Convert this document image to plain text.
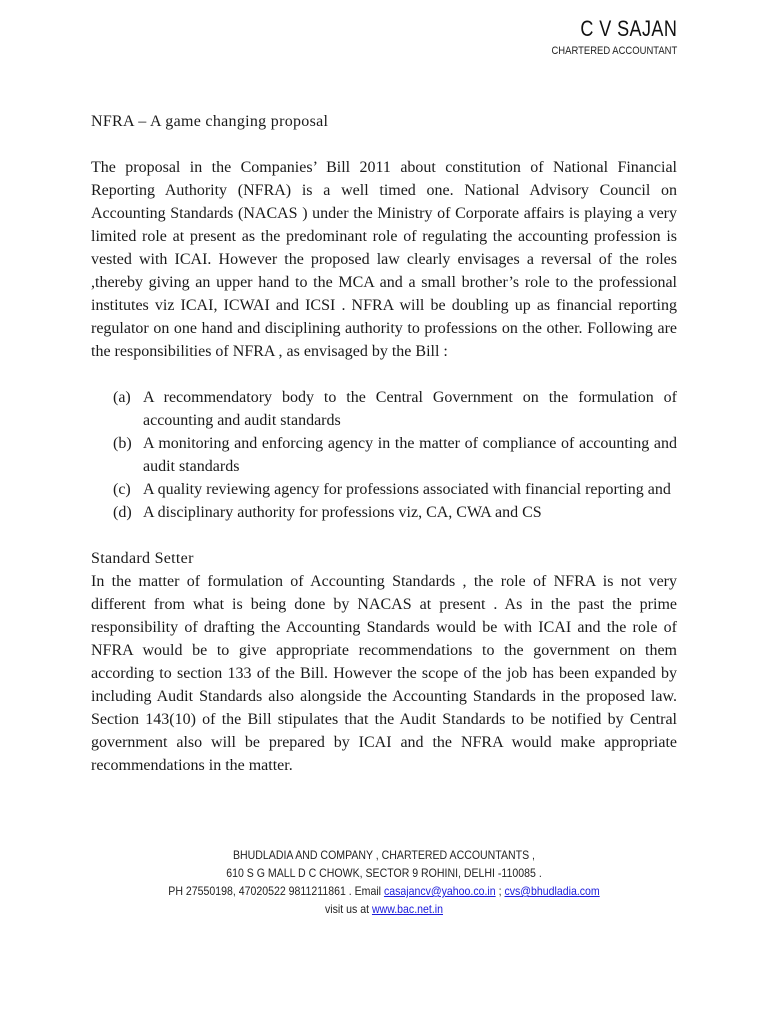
C V SAJAN
CHARTERED ACCOUNTANT
NFRA – A game changing proposal

The proposal in the Companies’ Bill 2011 about constitution of National Financial Reporting Authority (NFRA) is a well timed one. National Advisory Council on Accounting Standards (NACAS ) under the Ministry of Corporate affairs is playing a very limited role at present as the predominant role of regulating the accounting profession is vested with ICAI. However the proposed law clearly envisages a reversal of the roles ,thereby giving an upper hand to the MCA and a small brother’s role to the professional institutes viz ICAI, ICWAI and ICSI . NFRA will be doubling up as financial reporting regulator on one hand and disciplining authority to professions on the other. Following are the responsibilities of NFRA , as envisaged by the Bill :

(a) A recommendatory body to the Central Government on the formulation of accounting and audit standards
(b) A monitoring and enforcing agency in the matter of compliance of accounting and audit standards
(c) A quality reviewing agency for professions associated with financial reporting and
(d) A disciplinary authority for professions viz, CA, CWA and CS
Standard Setter

In the matter of formulation of Accounting Standards , the role of NFRA is not very different from what is being done by NACAS at present . As in the past the prime responsibility of drafting the Accounting Standards would be with ICAI and the role of NFRA would be to give appropriate recommendations to the government on them according to section 133 of the Bill. However the scope of the job has been expanded by including Audit Standards also alongside the Accounting Standards in the proposed law. Section 143(10) of the Bill stipulates that the Audit Standards to be notified by Central government also will be prepared by ICAI and the NFRA would make appropriate recommendations in the matter.

BHUDLADIA AND COMPANY , CHARTERED ACCOUNTANTS ,
610 S G MALL D C CHOWK, SECTOR 9 ROHINI, DELHI -110085 .
PH 27550198, 47020522 9811211861 . Email casajancv@yahoo.co.in ; cvs@bhudladia.com
visit us at www.bac.net.in
